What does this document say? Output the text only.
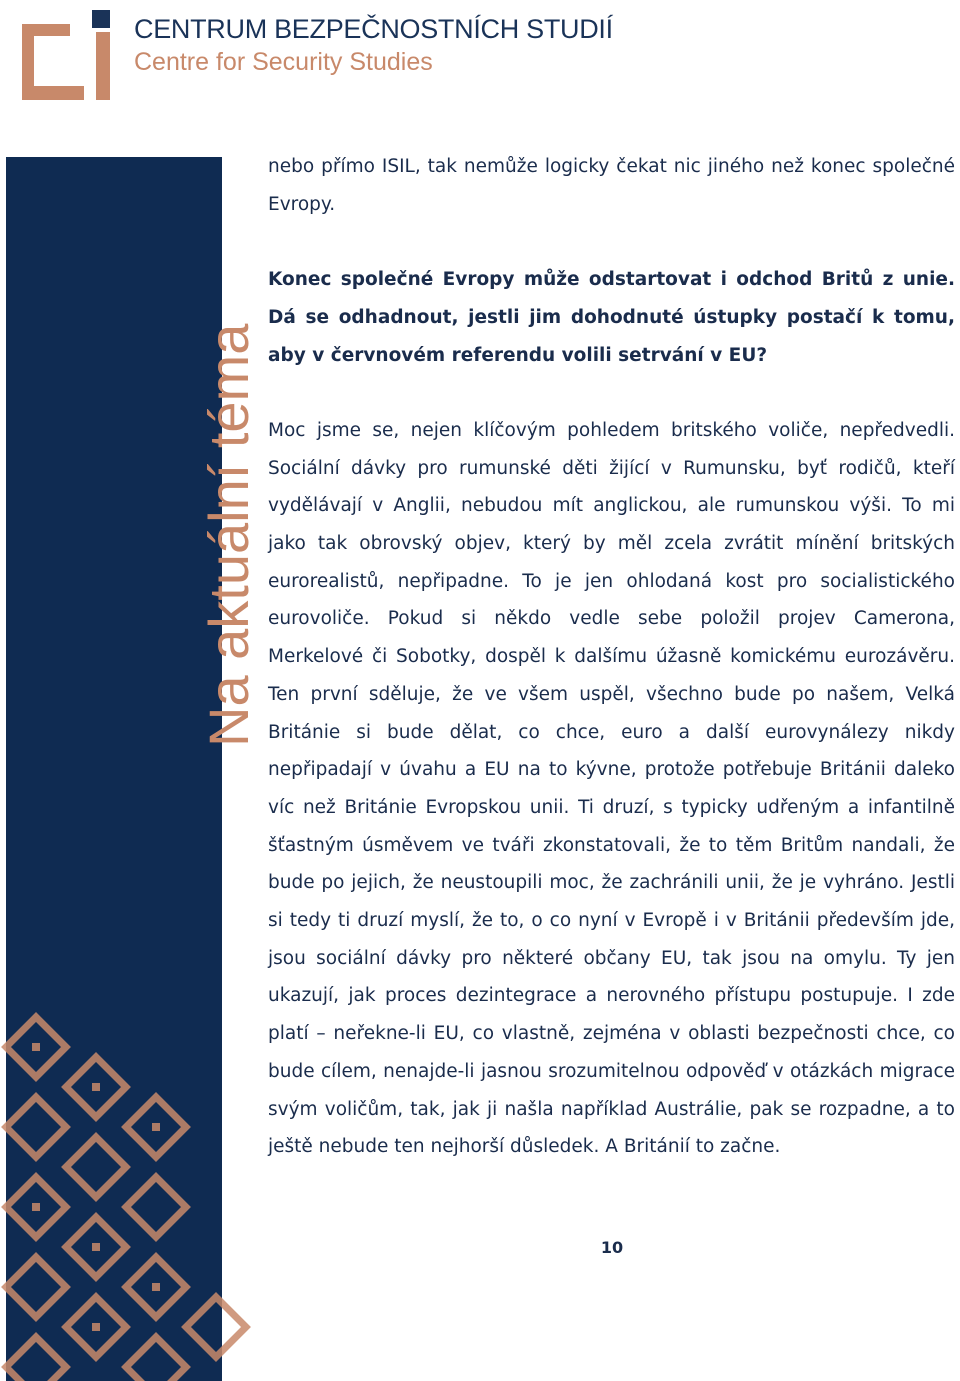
CENTRUM BEZPEČNOSTNÍCH STUDIÍ
Centre for Security Studies
Na aktuální téma

nebo přímo ISIL, tak nemůže logicky čekat nic jiného než konec společné Evropy.

Konec společné Evropy může odstartovat i odchod Britů z unie. Dá se odhadnout, jestli jim dohodnuté ústupky postačí k tomu, aby v červnovém referendu volili setrvání v EU?

Moc jsme se, nejen klíčovým pohledem britského voliče, nepředvedli. Sociální dávky pro rumunské děti žijící v Rumunsku, byť rodičů, kteří vydělávají v Anglii, nebudou mít anglickou, ale rumunskou výši. To mi jako tak obrovský objev, který by měl zcela zvrátit mínění britských eurorealistů, nepřipadne. To je jen ohlodaná kost pro socialistického eurovoliče. Pokud si někdo vedle sebe položil projev Camerona, Merkelové či Sobotky, dospěl k dalšímu úžasně komickému eurozávěru. Ten první sděluje, že ve všem uspěl, všechno bude po našem, Velká Británie si bude dělat, co chce, euro a další eurovynálezy nikdy nepřipadají v úvahu a EU na to kývne, protože potřebuje Británii daleko víc než Británie Evropskou unii. Ti druzí, s typicky udřeným a infantilně šťastným úsměvem ve tváři zkonstatovali, že to těm Britům nandali, že bude po jejich, že neustoupili moc, že zachránili unii, že je vyhráno. Jestli si tedy ti druzí myslí, že to, o co nyní v Evropě i v Británii především jde, jsou sociální dávky pro některé občany EU, tak jsou na omylu. Ty jen ukazují, jak proces dezintegrace a nerovného přístupu postupuje. I zde platí – neřekne-li EU, co vlastně, zejména v oblasti bezpečnosti chce, co bude cílem, nenajde-li jasnou srozumitelnou odpověď v otázkách migrace svým voličům, tak, jak ji našla například Austrálie, pak se rozpadne, a to ještě nebude ten nejhorší důsledek. A Británií to začne.

10
